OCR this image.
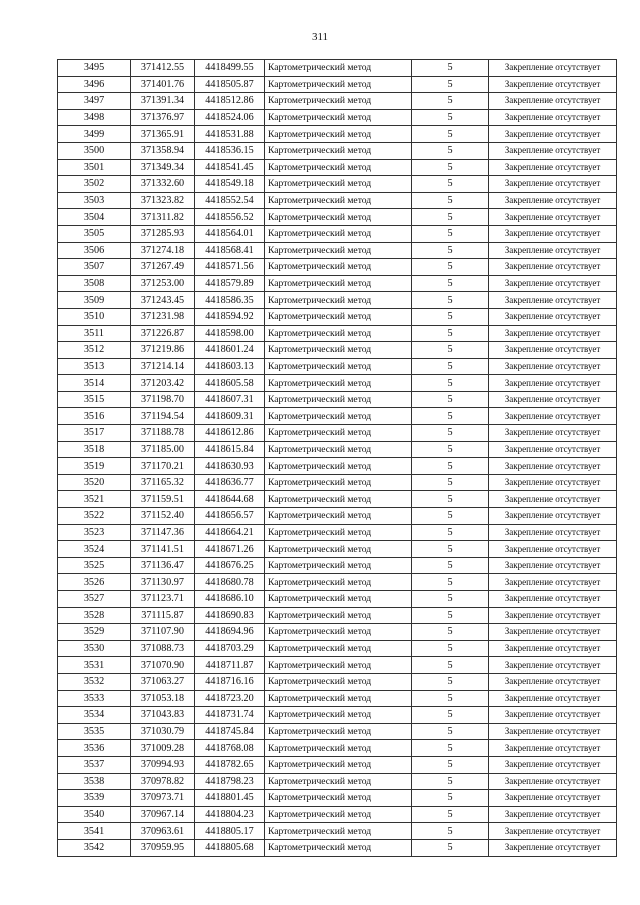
311
3495	371412.55	4418499.55	Картометрический метод	5	Закрепление отсутствует
3496	371401.76	4418505.87	Картометрический метод	5	Закрепление отсутствует
3497	371391.34	4418512.86	Картометрический метод	5	Закрепление отсутствует
3498	371376.97	4418524.06	Картометрический метод	5	Закрепление отсутствует
3499	371365.91	4418531.88	Картометрический метод	5	Закрепление отсутствует
3500	371358.94	4418536.15	Картометрический метод	5	Закрепление отсутствует
3501	371349.34	4418541.45	Картометрический метод	5	Закрепление отсутствует
3502	371332.60	4418549.18	Картометрический метод	5	Закрепление отсутствует
3503	371323.82	4418552.54	Картометрический метод	5	Закрепление отсутствует
3504	371311.82	4418556.52	Картометрический метод	5	Закрепление отсутствует
3505	371285.93	4418564.01	Картометрический метод	5	Закрепление отсутствует
3506	371274.18	4418568.41	Картометрический метод	5	Закрепление отсутствует
3507	371267.49	4418571.56	Картометрический метод	5	Закрепление отсутствует
3508	371253.00	4418579.89	Картометрический метод	5	Закрепление отсутствует
3509	371243.45	4418586.35	Картометрический метод	5	Закрепление отсутствует
3510	371231.98	4418594.92	Картометрический метод	5	Закрепление отсутствует
3511	371226.87	4418598.00	Картометрический метод	5	Закрепление отсутствует
3512	371219.86	4418601.24	Картометрический метод	5	Закрепление отсутствует
3513	371214.14	4418603.13	Картометрический метод	5	Закрепление отсутствует
3514	371203.42	4418605.58	Картометрический метод	5	Закрепление отсутствует
3515	371198.70	4418607.31	Картометрический метод	5	Закрепление отсутствует
3516	371194.54	4418609.31	Картометрический метод	5	Закрепление отсутствует
3517	371188.78	4418612.86	Картометрический метод	5	Закрепление отсутствует
3518	371185.00	4418615.84	Картометрический метод	5	Закрепление отсутствует
3519	371170.21	4418630.93	Картометрический метод	5	Закрепление отсутствует
3520	371165.32	4418636.77	Картометрический метод	5	Закрепление отсутствует
3521	371159.51	4418644.68	Картометрический метод	5	Закрепление отсутствует
3522	371152.40	4418656.57	Картометрический метод	5	Закрепление отсутствует
3523	371147.36	4418664.21	Картометрический метод	5	Закрепление отсутствует
3524	371141.51	4418671.26	Картометрический метод	5	Закрепление отсутствует
3525	371136.47	4418676.25	Картометрический метод	5	Закрепление отсутствует
3526	371130.97	4418680.78	Картометрический метод	5	Закрепление отсутствует
3527	371123.71	4418686.10	Картометрический метод	5	Закрепление отсутствует
3528	371115.87	4418690.83	Картометрический метод	5	Закрепление отсутствует
3529	371107.90	4418694.96	Картометрический метод	5	Закрепление отсутствует
3530	371088.73	4418703.29	Картометрический метод	5	Закрепление отсутствует
3531	371070.90	4418711.87	Картометрический метод	5	Закрепление отсутствует
3532	371063.27	4418716.16	Картометрический метод	5	Закрепление отсутствует
3533	371053.18	4418723.20	Картометрический метод	5	Закрепление отсутствует
3534	371043.83	4418731.74	Картометрический метод	5	Закрепление отсутствует
3535	371030.79	4418745.84	Картометрический метод	5	Закрепление отсутствует
3536	371009.28	4418768.08	Картометрический метод	5	Закрепление отсутствует
3537	370994.93	4418782.65	Картометрический метод	5	Закрепление отсутствует
3538	370978.82	4418798.23	Картометрический метод	5	Закрепление отсутствует
3539	370973.71	4418801.45	Картометрический метод	5	Закрепление отсутствует
3540	370967.14	4418804.23	Картометрический метод	5	Закрепление отсутствует
3541	370963.61	4418805.17	Картометрический метод	5	Закрепление отсутствует
3542	370959.95	4418805.68	Картометрический метод	5	Закрепление отсутствует
